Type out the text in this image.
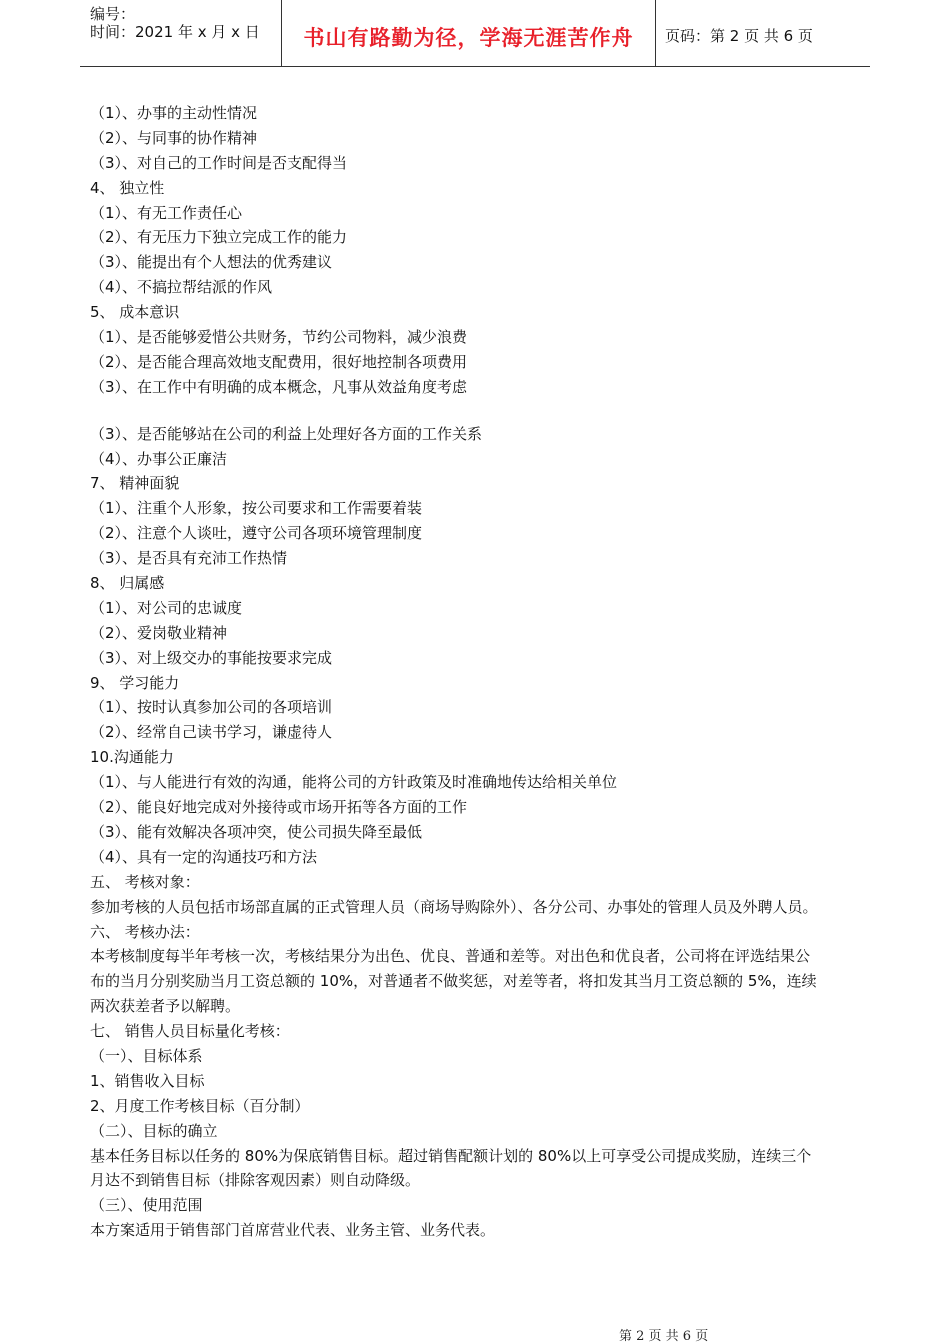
编号：
时间：2021 年 x 月 x 日	书山有路勤为径，学海无涯苦作舟	页码：第 2 页 共 6 页
（1）、办事的主动性情况
（2）、与同事的协作精神
（3）、对自己的工作时间是否支配得当
4、 独立性
（1）、有无工作责任心
（2）、有无压力下独立完成工作的能力
（3）、能提出有个人想法的优秀建议
（4）、不搞拉帮结派的作风
5、 成本意识
（1）、是否能够爱惜公共财务，节约公司物料，减少浪费
（2）、是否能合理高效地支配费用，很好地控制各项费用
（3）、在工作中有明确的成本概念，凡事从效益角度考虑
（3）、是否能够站在公司的利益上处理好各方面的工作关系
（4）、办事公正廉洁
7、 精神面貌
（1）、注重个人形象，按公司要求和工作需要着装
（2）、注意个人谈吐，遵守公司各项环境管理制度
（3）、是否具有充沛工作热情
8、 归属感
（1）、对公司的忠诚度
（2）、爱岗敬业精神
（3）、对上级交办的事能按要求完成
9、 学习能力
（1）、按时认真参加公司的各项培训
（2）、经常自己读书学习，谦虚待人
10.沟通能力
（1）、与人能进行有效的沟通，能将公司的方针政策及时准确地传达给相关单位
（2）、能良好地完成对外接待或市场开拓等各方面的工作
（3）、能有效解决各项冲突，使公司损失降至最低
（4）、具有一定的沟通技巧和方法
五、 考核对象：
参加考核的人员包括市场部直属的正式管理人员（商场导购除外）、各分公司、办事处的管理人员及外聘人员。
六、 考核办法：
本考核制度每半年考核一次，考核结果分为出色、优良、普通和差等。对出色和优良者，公司将在评选结果公
布的当月分别奖励当月工资总额的 10%，对普通者不做奖惩，对差等者，将扣发其当月工资总额的 5%，连续
两次获差者予以解聘。
七、 销售人员目标量化考核：
（一）、目标体系
1、销售收入目标
2、月度工作考核目标（百分制）
（二）、目标的确立
基本任务目标以任务的 80%为保底销售目标。超过销售配额计划的 80%以上可享受公司提成奖励，连续三个
月达不到销售目标（排除客观因素）则自动降级。
（三）、使用范围
本方案适用于销售部门首席营业代表、业务主管、业务代表。
第 2 页 共 6 页
